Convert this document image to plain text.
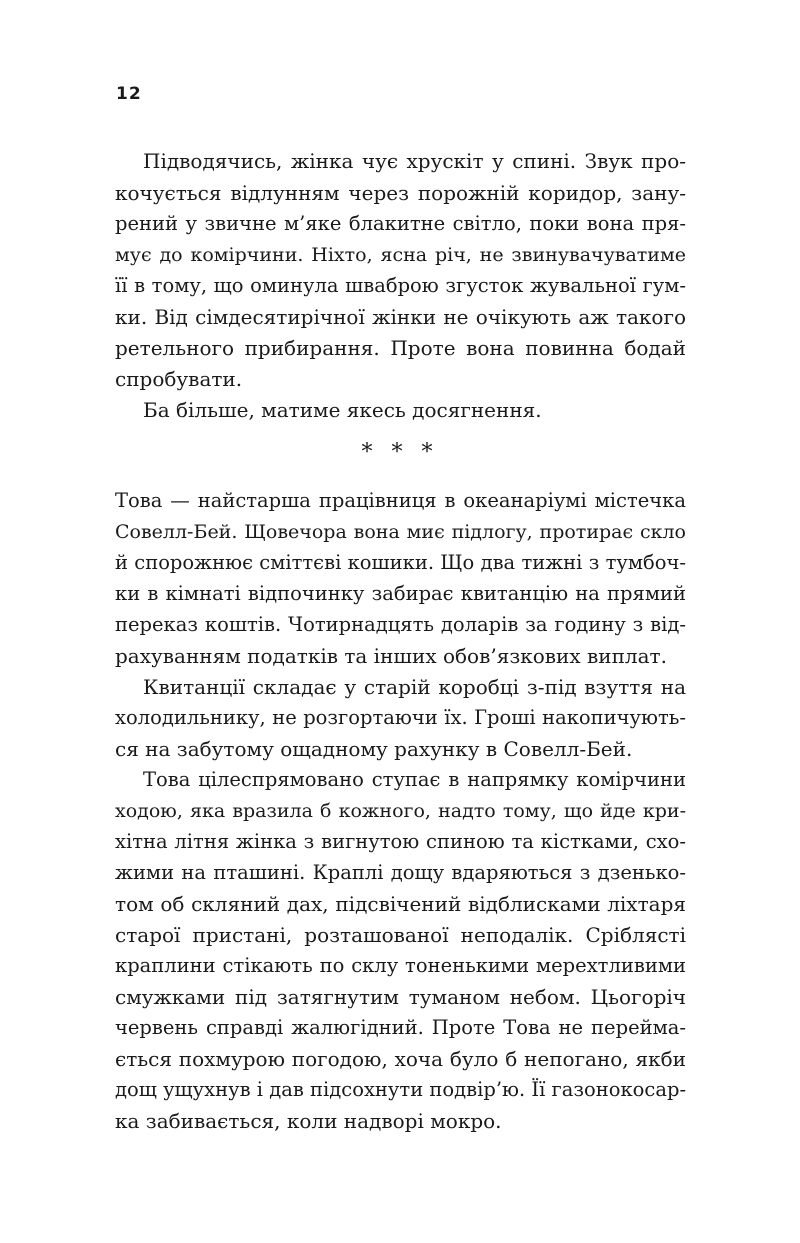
12
Підводячись, жінка чує хрускіт у спині. Звук про-
кочується відлунням через порожній коридор, зану-
рений у звичне м’яке блакитне світло, поки вона пря-
мує до комірчини. Ніхто, ясна річ, не звинувачуватиме
її в тому, що оминула шваброю згусток жувальної гум-
ки. Від сімдесятирічної жінки не очікують аж такого
ретельного прибирання. Проте вона повинна бодай
спробувати.
Ба більше, матиме якесь досягнення.
* * *
Това — найстарша працівниця в океанаріумі містечка
Совелл-Бей. Щовечора вона миє підлогу, протирає скло
й спорожнює сміттєві кошики. Що два тижні з тумбоч-
ки в кімнаті відпочинку забирає квитанцію на прямий
переказ коштів. Чотирнадцять доларів за годину з від-
рахуванням податків та інших обов’язкових виплат.
Квитанції складає у старій коробці з-під взуття на
холодильнику, не розгортаючи їх. Гроші накопичують-
ся на забутому ощадному рахунку в Совелл-Бей.
Това цілеспрямовано ступає в напрямку комірчини
ходою, яка вразила б кожного, надто тому, що йде кри-
хітна літня жінка з вигнутою спиною та кістками, схо-
жими на пташині. Краплі дощу вдаряються з дзенько-
том об скляний дах, підсвічений відблисками ліхтаря
старої пристані, розташованої неподалік. Сріблясті
краплини стікають по склу тоненькими мерехтливими
смужками під затягнутим туманом небом. Цьогоріч
червень справді жалюгідний. Проте Това не перейма-
ється похмурою погодою, хоча було б непогано, якби
дощ ущухнув і дав підсохнути подвір’ю. Її газонокосар-
ка забивається, коли надворі мокро.
